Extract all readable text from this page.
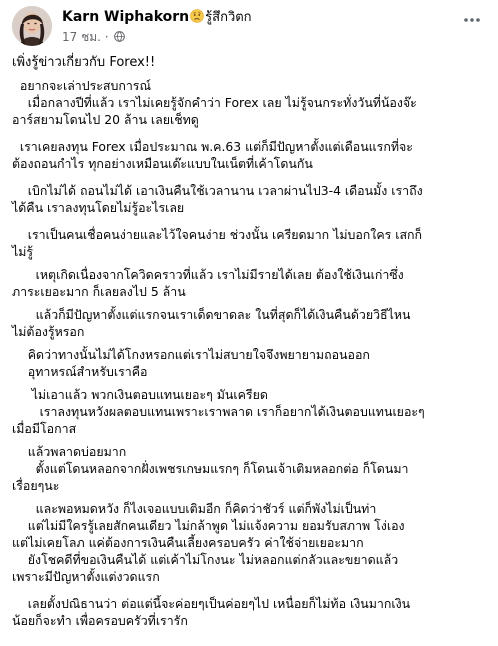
Karn Wiphakorn รู้สึกวิตก
17 ชม. ·
เพิ่งรู้ข่าวเกี่ยวกับ Forex!!
อยากจะเล่าประสบการณ์
เมื่อกลางปีที่แล้ว เราไม่เคยรู้จักคำว่า Forex เลย ไม่รู้จนกระทั่งวันที่น้องจ๊ะ
อาร์สยามโดนไป 20 ล้าน เลยเช็ทดู
เราเคยลงทุน Forex เมื่อประมาณ พ.ค.63 แต่ก็มีปัญหาตั้งแต่เดือนแรกที่จะ
ต้องถอนกำไร ทุกอย่างเหมือนเด๊ะแบบในเน็ตที่เค้าโดนกัน
เบิกไม่ได้ ถอนไม่ได้ เอาเงินคืนใช้เวลานาน เวลาผ่านไป3-4 เดือนมั้ง เราถึง
ได้คืน เราลงทุนโดยไม่รู้อะไรเลย
เราเป็นคนเชื่อคนง่ายและไว้ใจคนง่าย ช่วงนั้น เครียดมาก ไม่บอกใคร เสกก็
ไม่รู้
เหตุเกิดเนื่องจากโควิดคราวที่แล้ว เราไม่มีรายได้เลย ต้องใช้เงินเก่าซึ่ง
ภาระเยอะมาก ก็เลยลงไป 5 ล้าน
แล้วก็มีปัญหาตั้งแต่แรกจนเราเด็ดขาดละ ในที่สุดก็ได้เงินคืนด้วยวิธีไหน
ไม่ต้องรู้หรอก
คิดว่าทางนั้นไม่ได้โกงหรอกแต่เราไม่สบายใจจึงพยายามถอนออก
อุทาหรณ์สำหรับเราคือ
ไม่เอาแล้ว พวกเงินตอบแทนเยอะๆ มันเครียด
เราลงทุนหวังผลตอบแทนเพราะเราพลาด เราก็อยากได้เงินตอบแทนเยอะๆ
เมื่อมีโอกาส
แล้วพลาดบ่อยมาก
ตั้งแต่โดนหลอกจากฝั่งเพชรเกษมแรกๆ ก็โดนเจ้าเติมหลอกต่อ ก็โดนมา
เรื่อยๆนะ
และพอหมดหวัง ก็ไงเจอแบบเติมอีก ก็คิดว่าชัวร์ แต่ก็พังไม่เป็นท่า
แต่ไม่มีใครรู้เลยสักคนเดียว ไม่กล้าพูด ไม่แจ้งความ ยอมรับสภาพ โง่เอง
แต่ไม่เคยโลภ แค่ต้องการเงินคืนเลี้ยงครอบครัว ค่าใช้จ่ายเยอะมาก
ยังโชคดีที่ขอเงินคืนได้ แต่เค้าไม่โกงนะ ไม่หลอกแต่กลัวและขยาดแล้ว
เพราะมีปัญหาตั้งแต่งวดแรก
เลยตั้งปณิธานว่า ต่อแต่นี้จะค่อยๆเป็นค่อยๆไป เหนื่อยก็ไม่ท้อ เงินมากเงิน
น้อยก็จะทำ เพื่อครอบครัวที่เรารัก
